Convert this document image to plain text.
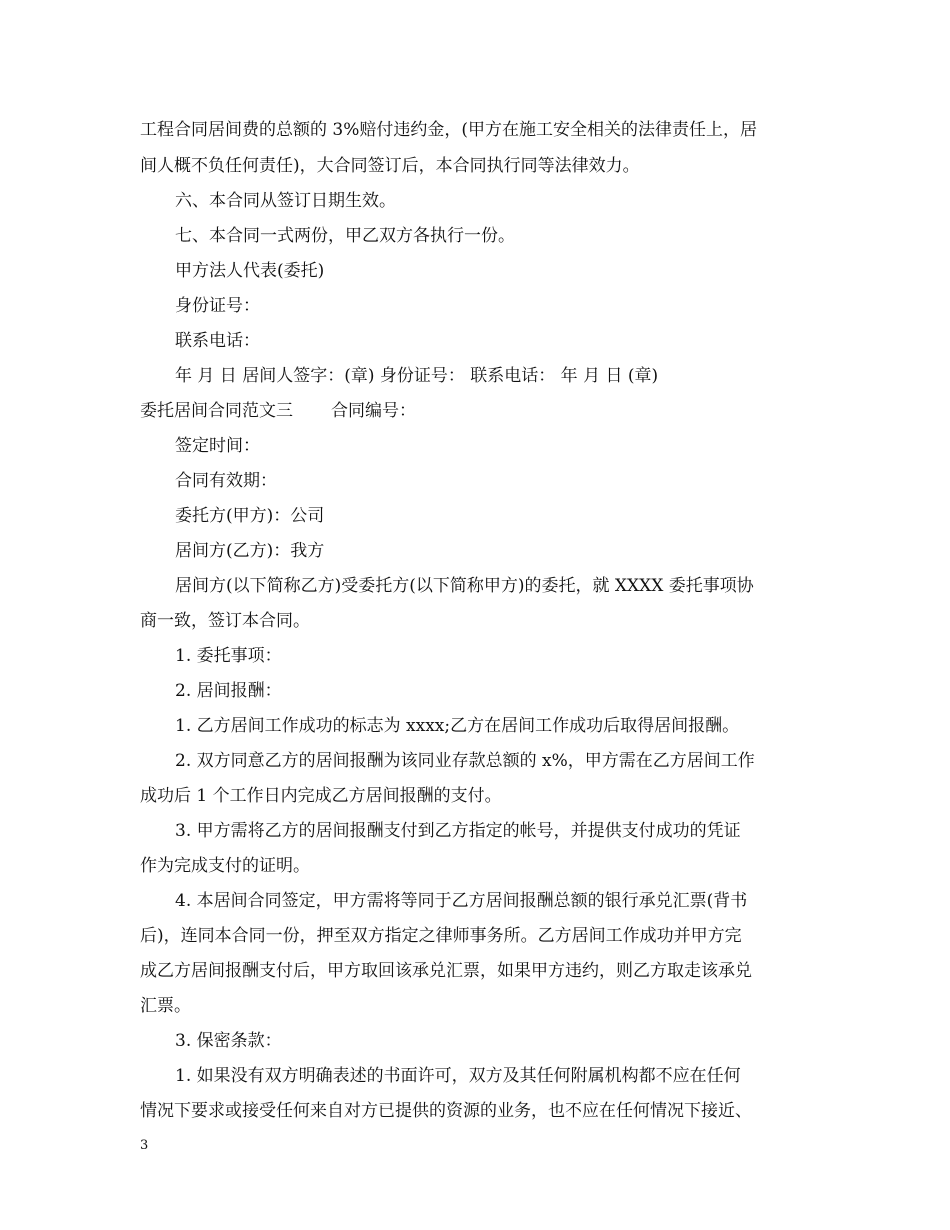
工程合同居间费的总额的 3%赔付违约金，(甲方在施工安全相关的法律责任上，居
间人概不负任何责任)，大合同签订后，本合同执行同等法律效力。
六、本合同从签订日期生效。
七、本合同一式两份，甲乙双方各执行一份。
甲方法人代表(委托)
身份证号：
联系电话：
年 月 日 居间人签字：(章) 身份证号： 联系电话： 年 月 日 (章)
委托居间合同范文三 合同编号：
签定时间：
合同有效期：
委托方(甲方)：公司
居间方(乙方)：我方
居间方(以下简称乙方)受委托方(以下简称甲方)的委托，就 XXXX 委托事项协
商一致，签订本合同。
1. 委托事项：
2. 居间报酬：
1. 乙方居间工作成功的标志为 xxxx;乙方在居间工作成功后取得居间报酬。
2. 双方同意乙方的居间报酬为该同业存款总额的 x%，甲方需在乙方居间工作
成功后 1 个工作日内完成乙方居间报酬的支付。
3. 甲方需将乙方的居间报酬支付到乙方指定的帐号，并提供支付成功的凭证
作为完成支付的证明。
4. 本居间合同签定，甲方需将等同于乙方居间报酬总额的银行承兑汇票(背书
后)，连同本合同一份，押至双方指定之律师事务所。乙方居间工作成功并甲方完
成乙方居间报酬支付后，甲方取回该承兑汇票，如果甲方违约，则乙方取走该承兑
汇票。
3. 保密条款：
1. 如果没有双方明确表述的书面许可，双方及其任何附属机构都不应在任何
情况下要求或接受任何来自对方已提供的资源的业务，也不应在任何情况下接近、
3
